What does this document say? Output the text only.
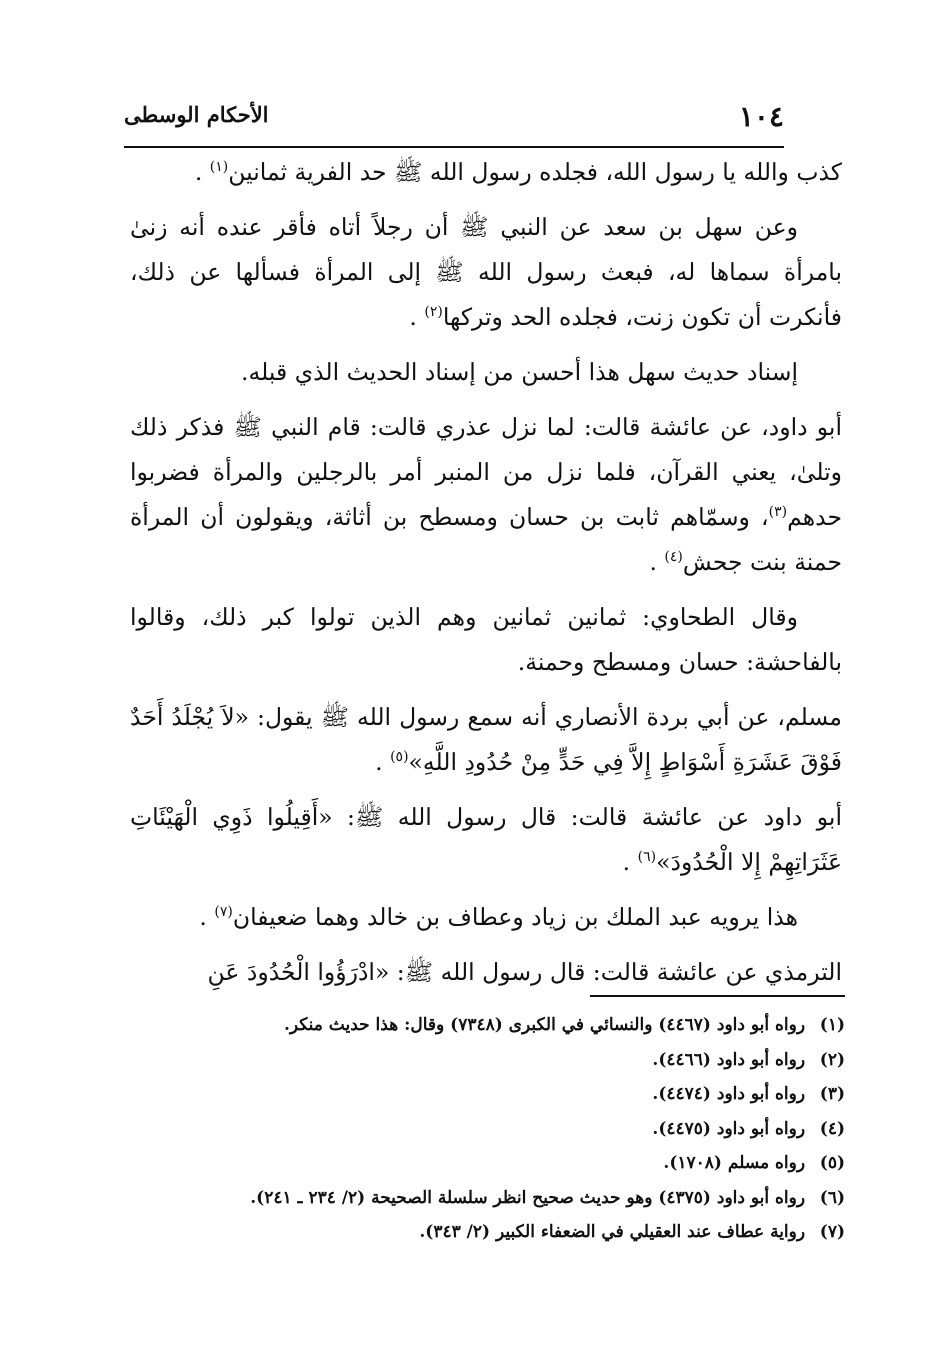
١٠٤
الأحكام الوسطى

كذب والله يا رسول الله، فجلده رسول الله ﷺ حد الفرية ثمانين$^{(١)}$ .

وعن سهل بن سعد عن النبي ﷺ أن رجلاً أتاه فأقر عنده أنه زنیٰ بامرأة سماها له، فبعث رسول الله ﷺ إلى المرأة فسألها عن ذلك، فأنكرت أن تكون زنت، فجلده الحد وتركها$^{(٢)}$ .

إسناد حديث سهل هذا أحسن من إسناد الحديث الذي قبله.

أبو داود، عن عائشة قالت: لما نزل عذري قالت: قام النبي ﷺ فذكر ذلك وتلىٰ، يعني القرآن، فلما نزل من المنبر أمر بالرجلين والمرأة فضربوا حدهم$^{(٣)}$، وسمّاهم ثابت بن حسان ومسطح بن أثاثة، ويقولون أن المرأة حمنة بنت جحش$^{(٤)}$ .

وقال الطحاوي: ثمانين ثمانين وهم الذين تولوا كبر ذلك، وقالوا بالفاحشة: حسان ومسطح وحمنة.

مسلم، عن أبي بردة الأنصاري أنه سمع رسول الله ﷺ يقول: «لاَ يُجْلَدُ أَحَدٌ فَوْقَ عَشَرَةِ أَسْوَاطٍ إِلاَّ فِي حَدٍّ مِنْ حُدُودِ اللَّهِ»$^{(٥)}$ .

أبو داود عن عائشة قالت: قال رسول الله ﷺ: «أَقِيلُوا ذَوِي الْهَيْئَاتِ عَثَرَاتِهِمْ إِلا الْحُدُودَ»$^{(٦)}$ .

هذا يرويه عبد الملك بن زياد وعطاف بن خالد وهما ضعيفان$^{(٧)}$ .

الترمذي عن عائشة قالت: قال رسول الله ﷺ: «ادْرَؤُوا الْحُدُودَ عَنِ

(١) رواه أبو داود (٤٤٦٧) والنسائي في الكبرى (٧٣٤٨) وقال: هذا حديث منكر.
(٢) رواه أبو داود (٤٤٦٦).
(٣) رواه أبو داود (٤٤٧٤).
(٤) رواه أبو داود (٤٤٧٥).
(٥) رواه مسلم (١٧٠٨).
(٦) رواه أبو داود (٤٣٧٥) وهو حديث صحيح انظر سلسلة الصحيحة (٢/ ٢٣٤ ـ ٢٤١).
(٧) رواية عطاف عند العقيلي في الضعفاء الكبير (٢/ ٣٤٣).
